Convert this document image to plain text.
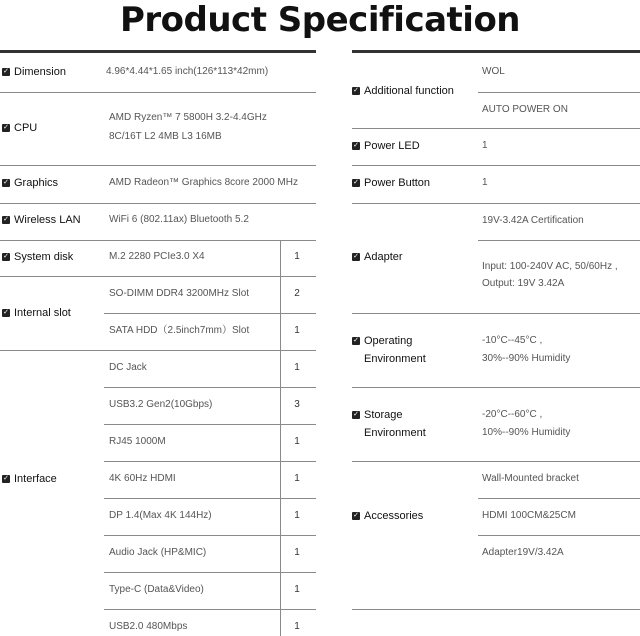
Product Specification
✓
Dimension	4.96*4.44*1.65 inch(126*113*42mm)
✓
CPU
AMD Ryzen™ 7 5800H 3.2-4.4GHz
8C/16T L2 4MB L3 16MB
✓
Graphics	AMD Radeon™ Graphics 8core 2000 MHz
✓
Wireless LAN	WiFi 6 (802.11ax) Bluetooth 5.2
✓
System disk	M.2 2280 PCIe3.0 X4	1
✓
Internal slot
SO-DIMM DDR4 3200MHz Slot	2
SATA HDD（2.5inch7mm）Slot	1
✓
Interface
DC Jack	1
USB3.2 Gen2(10Gbps)	3
RJ45 1000M	1
4K 60Hz HDMI	1
DP 1.4(Max 4K 144Hz)	1
Audio Jack (HP&MIC)	1
Type-C (Data&Video)	1
USB2.0 480Mbps	1
✓
Additional function
WOL
AUTO POWER ON
✓
Power LED	1
✓
Power Button	1
✓
Adapter
19V-3.42A Certification
Input: 100-240V AC, 50/60Hz ,
Output: 19V 3.42A
✓
Operating
Environment
-10°C--45°C ,
30%--90% Humidity
✓
Storage
Environment
-20°C--60°C ,
10%--90% Humidity
✓
Accessories
Wall-Mounted bracket
HDMI 100CM&25CM
Adapter19V/3.42A
